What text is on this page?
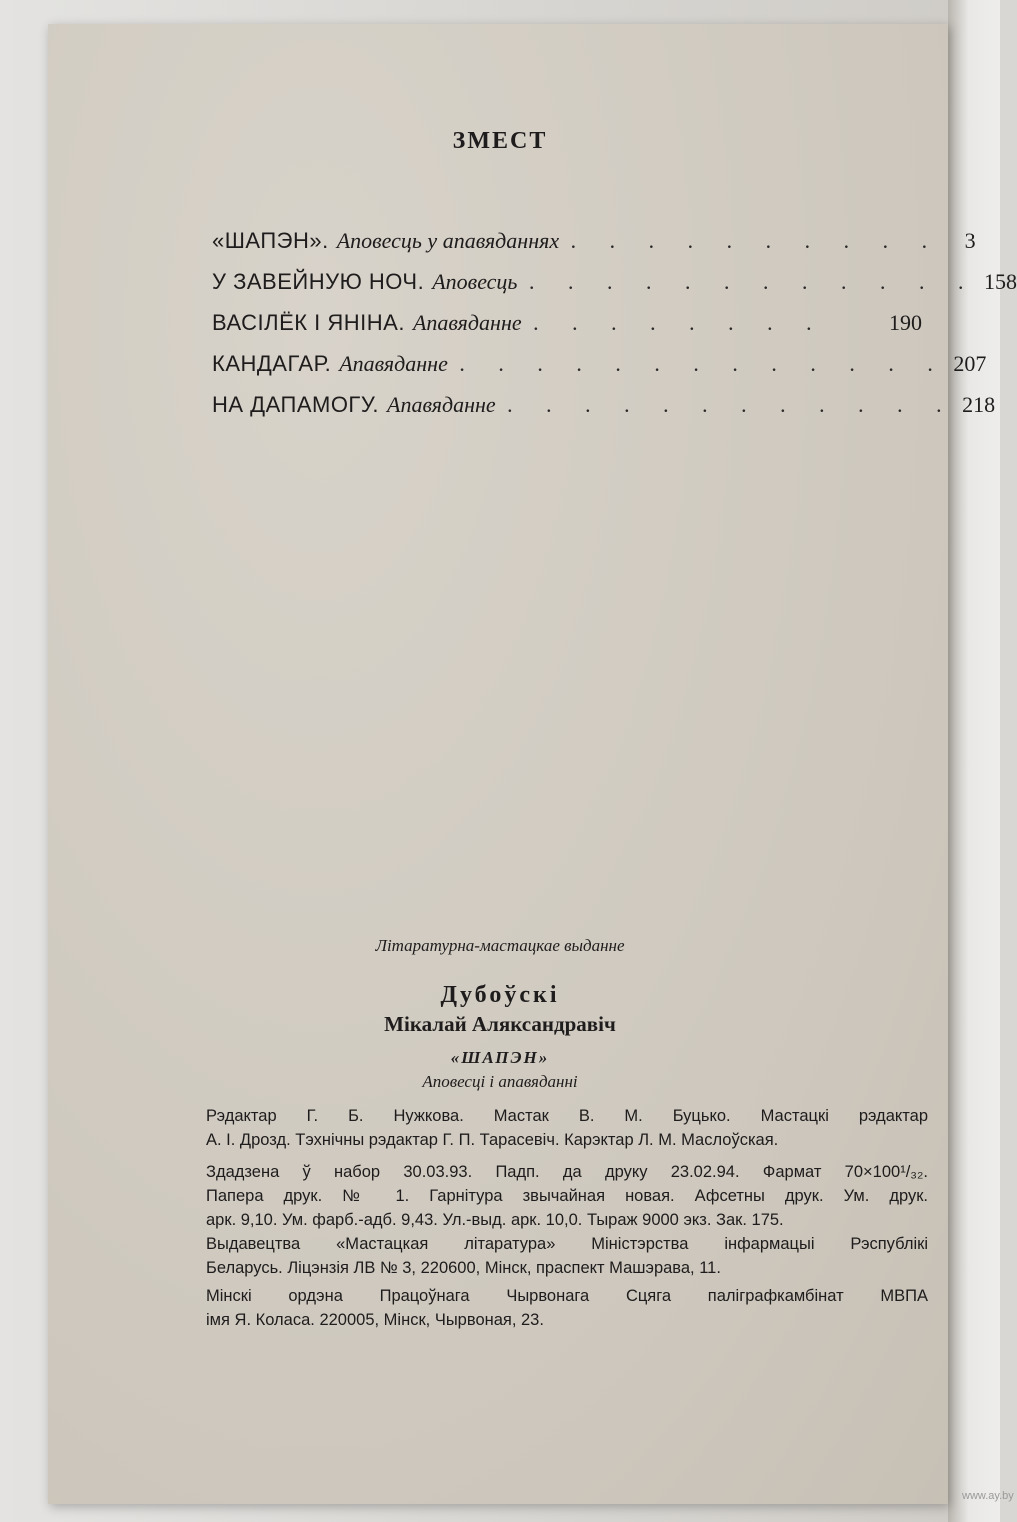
ЗМЕСТ
«ШАПЭН». Аповесць у апавяданнях . . . . . . . . . .	3
У ЗАВЕЙНУЮ НОЧ. Аповесць . . . . . . . . . . . . 158
ВАСІЛЁК І ЯНІНА. Апавяданне . . . . . . . .	190
КАНДАГАР. Апавяданне . . . . . . . . . . . . . 207
НА ДАПАМОГУ. Апавяданне . . . . . . . . . . . . 218
Літаратурна-мастацкае выданне
Дубоўскі
Мікалай Аляксандравіч
«ШАПЭН»
Аповесці і апавяданні
Рэдактар Г. Б. Нужкова. Мастак В. М. Буцько. Мастацкі рэдактар
А. І. Дрозд. Тэхнічны рэдактар Г. П. Тарасевіч. Карэктар Л. М. Маслоўская.
Здадзена ў набор 30.03.93. Падп. да друку 23.02.94. Фармат 70×100¹/₃₂.
Папера друк. № 1. Гарнітура звычайная новая. Афсетны друк. Ум. друк.
арк. 9,10. Ум. фарб.-адб. 9,43. Ул.-выд. арк. 10,0. Тыраж 9000 экз. Зак. 175.
Выдавецтва «Мастацкая літаратура» Міністэрства інфармацыі Рэспублікі
Беларусь. Ліцэнзія ЛВ № 3, 220600, Мінск, праспект Машэрава, 11.
Мінскі ордэна Працоўнага Чырвонага Сцяга паліграфкамбінат МВПА
імя Я. Коласа. 220005, Мінск, Чырвоная, 23.
www.ay.by
